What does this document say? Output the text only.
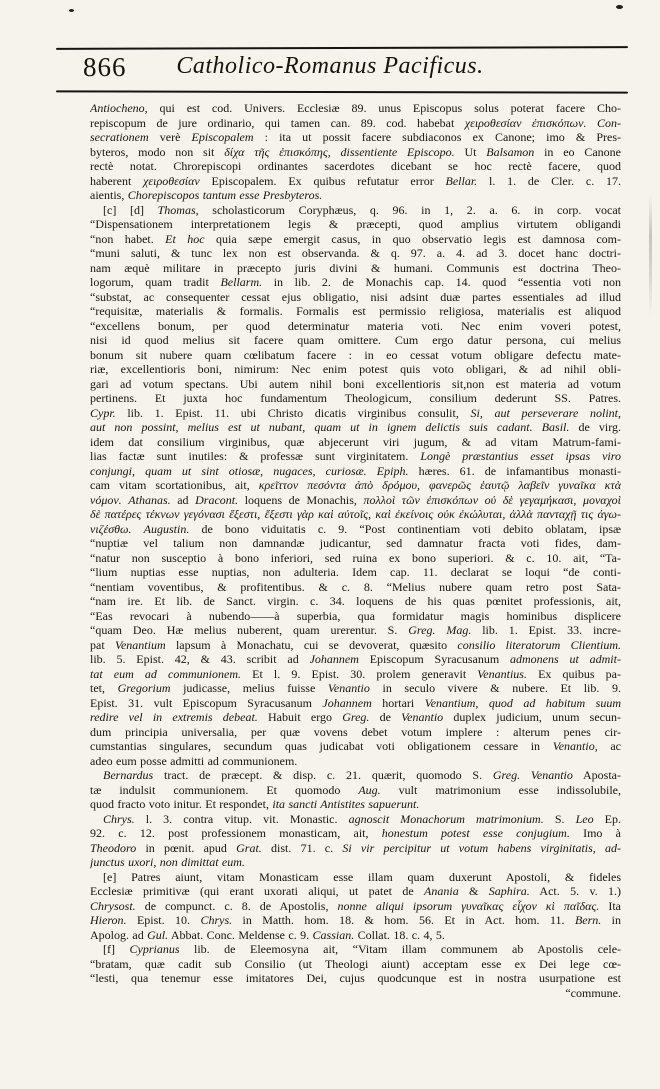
866	Catholico-Romanus Pacificus.

Antiocheno, qui est cod. Univers. Ecclesiæ 89. unus Episcopus solus poterat facere Cho-
repiscopum de jure ordinario, qui tamen can. 89. cod. habebat χειροθεσίαν ἐπισκόπων. Con-
secrationem verè Episcopalem : ita ut possit facere subdiaconos ex Canone; imo & Pres-
byteros, modo non sit δίχα τῆς ἐπισκόπης, dissentiente Episcopo. Ut Balsamon in eo Canone
rectè notat. Chrorepiscopi ordinantes sacerdotes dicebant se hoc rectè facere, quod
haberent χειροθεσίαν Episcopalem. Ex quibus refutatur error Bellar. l. 1. de Cler. c. 17.
aientis, Chorepiscopos tantum esse Presbyteros.

[c] [d] Thomas, scholasticorum Coryphæus, q. 96. in 1, 2. a. 6. in corp. vocat
“Dispensationem interpretationem legis & præcepti, quod amplius virtutem obligandi
“non habet. Et hoc quia sæpe emergit casus, in quo observatio legis est damnosa com-
“muni saluti, & tunc lex non est observanda. & q. 97. a. 4. ad 3. docet hanc doctri-
nam æquè militare in præcepto juris divini & humani. Communis est doctrina Theo-
logorum, quam tradit Bellarm. in lib. 2. de Monachis cap. 14. quod “essentia voti non
“substat, ac consequenter cessat ejus obligatio, nisi adsint duæ partes essentiales ad illud
“requisitæ, materialis & formalis. Formalis est permissio religiosa, materialis est aliquod
“excellens bonum, per quod determinatur materia voti. Nec enim voveri potest,
nisi id quod melius sit facere quam omittere. Cum ergo datur persona, cui melius
bonum sit nubere quam cœlibatum facere : in eo cessat votum obligare defectu mate-
riæ, excellentioris boni, nimirum: Nec enim potest quis voto obligari, & ad nihil obli-
gari ad votum spectans. Ubi autem nihil boni excellentioris sit,non est materia ad votum
pertinens. Et juxta hoc fundamentum Theologicum, consilium dederunt SS. Patres.
Cypr. lib. 1. Epist. 11. ubi Christo dicatis virginibus consulit, Si, aut perseverare nolint,
aut non possint, melius est ut nubant, quam ut in ignem delictis suis cadant. Basil. de virg.
idem dat consilium virginibus, quæ abjecerunt viri jugum, & ad vitam Matrum-fami-
lias factæ sunt inutiles: & professæ sunt virginitatem. Longè præstantius esset ipsas viro
conjungi, quam ut sint otiosæ, nugaces, curiosæ. Epiph. hæres. 61. de infamantibus monasti-
cam vitam scortationibus, ait, κρεῖττον πεσόντα ἀπὸ δρόμου, φανερῶς ἑαυτῷ λαβεῖν γυναῖκα κτὰ
νόμον. Athanas. ad Dracont. loquens de Monachis, πολλοὶ τῶν ἐπισκόπων οὐ δὲ γεγαμήκασι, μοναχοὶ
δὲ πατέρες τέκνων γεγόνασι ἔξεστι, ἔξεστι γὰρ καὶ αὐτοῖς, καὶ ἐκείνοις οὐκ ἐκώλυται, ἀλλὰ πανταχῇ τις ἀγω-
νιζέσθω. Augustin. de bono viduitatis c. 9. “Post continentiam voti debito oblatam, ipsæ
“nuptiæ vel talium non damnandæ judicantur, sed damnatur fracta voti fides, dam-
“natur non susceptio à bono inferiori, sed ruina ex bono superiori. & c. 10. ait, “Ta-
“lium nuptias esse nuptias, non adulteria. Idem cap. 11. declarat se loqui “de conti-
“nentiam voventibus, & profitentibus. & c. 8. “Melius nubere quam retro post Sata-
“nam ire. Et lib. de Sanct. virgin. c. 34. loquens de his quas pœnitet professionis, ait,
“Eas revocari à nubendo——à superbia, qua formidatur magis hominibus displicere
“quam Deo. Hæ melius nuberent, quam urerentur. S. Greg. Mag. lib. 1. Epist. 33. incre-
pat Venantium lapsum à Monachatu, cui se devoverat, quæsito consilio literatorum Clientium.
lib. 5. Epist. 42, & 43. scribit ad Johannem Episcopum Syracusanum admonens ut admit-
tat eum ad communionem. Et l. 9. Epist. 30. prolem generavit Venantius. Ex quibus pa-
tet, Gregorium judicasse, melius fuisse Venantio in seculo vivere & nubere. Et lib. 9.
Epist. 31. vult Episcopum Syracusanum Johannem hortari Venantium, quod ad habitum suum
redire vel in extremis debeat. Habuit ergo Greg. de Venantio duplex judicium, unum secun-
dum principia universalia, per quæ vovens debet votum implere : alterum penes cir-
cumstantias singulares, secundum quas judicabat voti obligationem cessare in Venantio, ac
adeo eum posse admitti ad communionem.

Bernardus tract. de præcept. & disp. c. 21. quærit, quomodo S. Greg. Venantio Aposta-
tæ indulsit communionem. Et quomodo Aug. vult matrimonium esse indissolubile,
quod fracto voto initur. Et respondet, ita sancti Antistites sapuerunt.

Chrys. l. 3. contra vitup. vit. Monastic. agnoscit Monachorum matrimonium. S. Leo Ep.
92. c. 12. post professionem monasticam, ait, honestum potest esse conjugium. Imo à
Theodoro in pœnit. apud Grat. dist. 71. c. Si vir percipitur ut votum habens virginitatis, ad-
junctus uxori, non dimittat eum.

[e] Patres aiunt, vitam Monasticam esse illam quam duxerunt Apostoli, & fideles
Ecclesiæ primitivæ (qui erant uxorati aliqui, ut patet de Anania & Saphira. Act. 5. v. 1.)
Chrysost. de compunct. c. 8. de Apostolis, nonne aliqui ipsorum γυναῖκας εἶχον κὶ παῖδας. Ita
Hieron. Epist. 10. Chrys. in Matth. hom. 18. & hom. 56. Et in Act. hom. 11. Bern. in
Apolog. ad Gul. Abbat. Conc. Meldense c. 9. Cassian. Collat. 18. c. 4, 5.

[f] Cyprianus lib. de Eleemosyna ait, “Vitam illam communem ab Apostolis cele-
“bratam, quæ cadit sub Consilio (ut Theologi aiunt) acceptam esse ex Dei lege cœ-
“lesti, qua tenemur esse imitatores Dei, cujus quodcunque est in nostra usurpatione est
“commune.
